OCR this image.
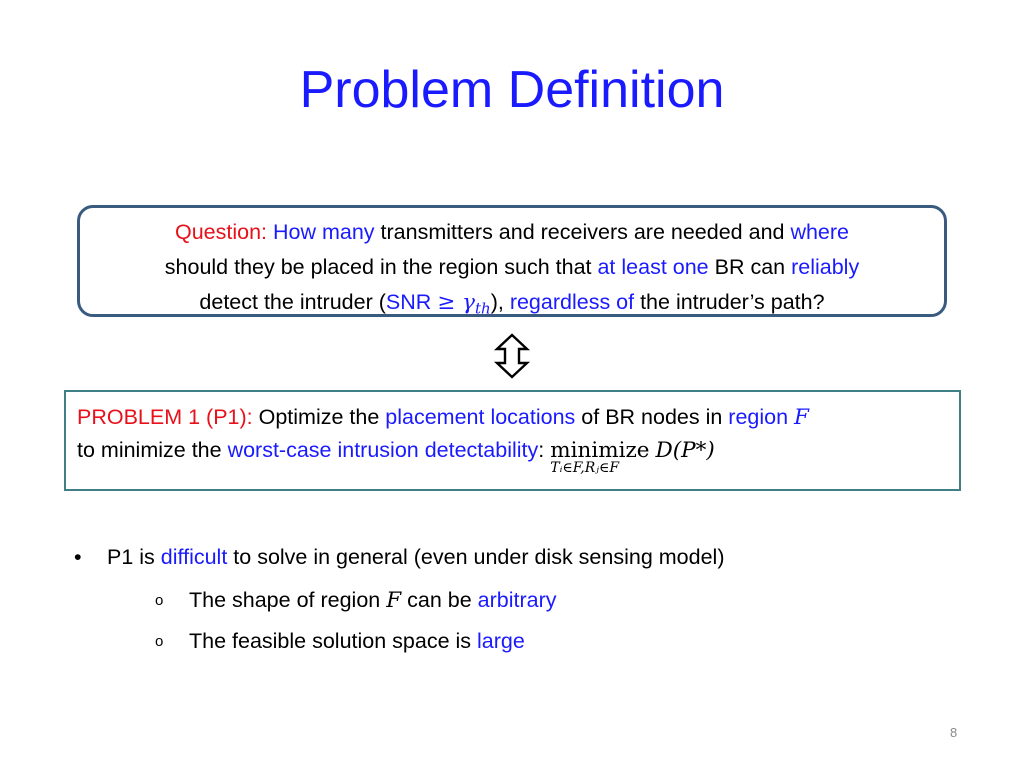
Problem Definition
Question: How many transmitters and receivers are needed and where
should they be placed in the region such that at least one BR can reliably
detect the intruder $(SNR \ge \gamma_{th})$, regardless of the intruder’s path?
PROBLEM 1 (P1): Optimize the placement locations of BR nodes in region F
to minimize the worst-case intrusion detectability: minimize
Tᵢ∈F,Rⱼ∈F
D(P*)
• P1 is difficult to solve in general (even under disk sensing model)
o The shape of region F can be arbitrary
o The feasible solution space is large
8
